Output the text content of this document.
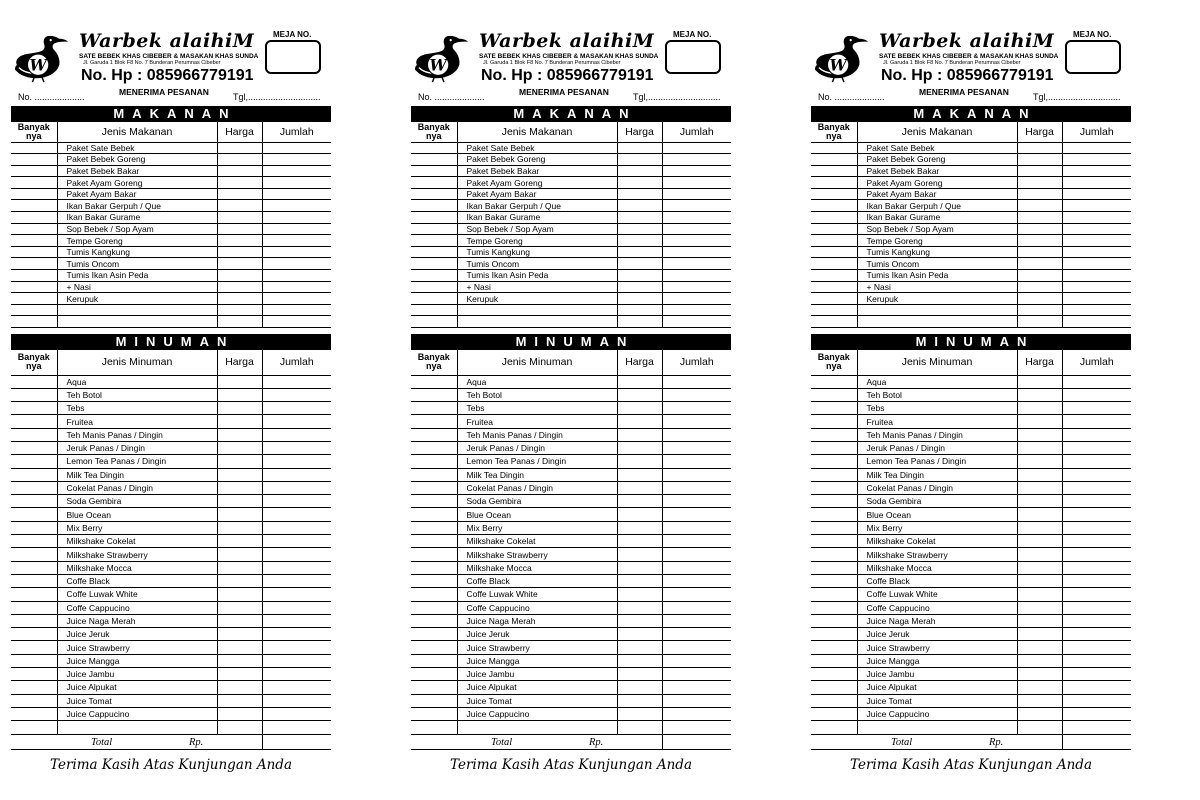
W
Warbek alaihiM
SATE BEBEK KHAS CIBEBER & MASAKAN KHAS SUNDA
Jl. Garuda 1 Blok F8 No. 7 Bunderan Perumnas Cibeber
No. Hp : 085966779191
MEJA NO.
No. ....................	MENERIMA PESANAN	Tgl,.............................
MAKANAN
Banyak
nya	Jenis Makanan	Harga	Jumlah
	Paket Sate Bebek		
	Paket Bebek Goreng		
	Paket Bebek Bakar		
	Paket Ayam Goreng		
	Paket Ayam Bakar		
	Ikan Bakar Gerpuh / Que		
	Ikan Bakar Gurame		
	Sop Bebek / Sop Ayam		
	Tempe Goreng		
	Tumis Kangkung		
	Tumis Oncom		
	Tumis Ikan Asin Peda		
	+ Nasi		
	Kerupuk		

MINUMAN
Banyak
nya	Jenis Minuman	Harga	Jumlah
	Aqua		
	Teh Botol		
	Tebs		
	Fruitea		
	Teh Manis Panas / Dingin		
	Jeruk Panas / Dingin		
	Lemon Tea Panas / Dingin		
	Milk Tea Dingin		
	Cokelat Panas / Dingin		
	Soda Gembira		
	Blue Ocean		
	Mix Berry		
	Milkshake Cokelat		
	Milkshake Strawberry		
	Milkshake Mocca		
	Coffe Black		
	Coffe Luwak White		
	Coffe Cappucino		
	Juice Naga Merah		
	Juice Jeruk		
	Juice Strawberry		
	Juice Mangga		
	Juice Jambu		
	Juice Alpukat		
	Juice Tomat		
	Juice Cappucino		

Total	Rp.
Terima Kasih Atas Kunjungan Anda
W
Warbek alaihiM
SATE BEBEK KHAS CIBEBER & MASAKAN KHAS SUNDA
Jl. Garuda 1 Blok F8 No. 7 Bunderan Perumnas Cibeber
No. Hp : 085966779191
MEJA NO.
No. ....................	MENERIMA PESANAN	Tgl,.............................
MAKANAN
Banyak
nya	Jenis Makanan	Harga	Jumlah
	Paket Sate Bebek		
	Paket Bebek Goreng		
	Paket Bebek Bakar		
	Paket Ayam Goreng		
	Paket Ayam Bakar		
	Ikan Bakar Gerpuh / Que		
	Ikan Bakar Gurame		
	Sop Bebek / Sop Ayam		
	Tempe Goreng		
	Tumis Kangkung		
	Tumis Oncom		
	Tumis Ikan Asin Peda		
	+ Nasi		
	Kerupuk		

MINUMAN
Banyak
nya	Jenis Minuman	Harga	Jumlah
	Aqua		
	Teh Botol		
	Tebs		
	Fruitea		
	Teh Manis Panas / Dingin		
	Jeruk Panas / Dingin		
	Lemon Tea Panas / Dingin		
	Milk Tea Dingin		
	Cokelat Panas / Dingin		
	Soda Gembira		
	Blue Ocean		
	Mix Berry		
	Milkshake Cokelat		
	Milkshake Strawberry		
	Milkshake Mocca		
	Coffe Black		
	Coffe Luwak White		
	Coffe Cappucino		
	Juice Naga Merah		
	Juice Jeruk		
	Juice Strawberry		
	Juice Mangga		
	Juice Jambu		
	Juice Alpukat		
	Juice Tomat		
	Juice Cappucino		

Total	Rp.
Terima Kasih Atas Kunjungan Anda
W
Warbek alaihiM
SATE BEBEK KHAS CIBEBER & MASAKAN KHAS SUNDA
Jl. Garuda 1 Blok F8 No. 7 Bunderan Perumnas Cibeber
No. Hp : 085966779191
MEJA NO.
No. ....................	MENERIMA PESANAN	Tgl,.............................
MAKANAN
Banyak
nya	Jenis Makanan	Harga	Jumlah
	Paket Sate Bebek		
	Paket Bebek Goreng		
	Paket Bebek Bakar		
	Paket Ayam Goreng		
	Paket Ayam Bakar		
	Ikan Bakar Gerpuh / Que		
	Ikan Bakar Gurame		
	Sop Bebek / Sop Ayam		
	Tempe Goreng		
	Tumis Kangkung		
	Tumis Oncom		
	Tumis Ikan Asin Peda		
	+ Nasi		
	Kerupuk		

MINUMAN
Banyak
nya	Jenis Minuman	Harga	Jumlah
	Aqua		
	Teh Botol		
	Tebs		
	Fruitea		
	Teh Manis Panas / Dingin		
	Jeruk Panas / Dingin		
	Lemon Tea Panas / Dingin		
	Milk Tea Dingin		
	Cokelat Panas / Dingin		
	Soda Gembira		
	Blue Ocean		
	Mix Berry		
	Milkshake Cokelat		
	Milkshake Strawberry		
	Milkshake Mocca		
	Coffe Black		
	Coffe Luwak White		
	Coffe Cappucino		
	Juice Naga Merah		
	Juice Jeruk		
	Juice Strawberry		
	Juice Mangga		
	Juice Jambu		
	Juice Alpukat		
	Juice Tomat		
	Juice Cappucino		

Total	Rp.
Terima Kasih Atas Kunjungan Anda
